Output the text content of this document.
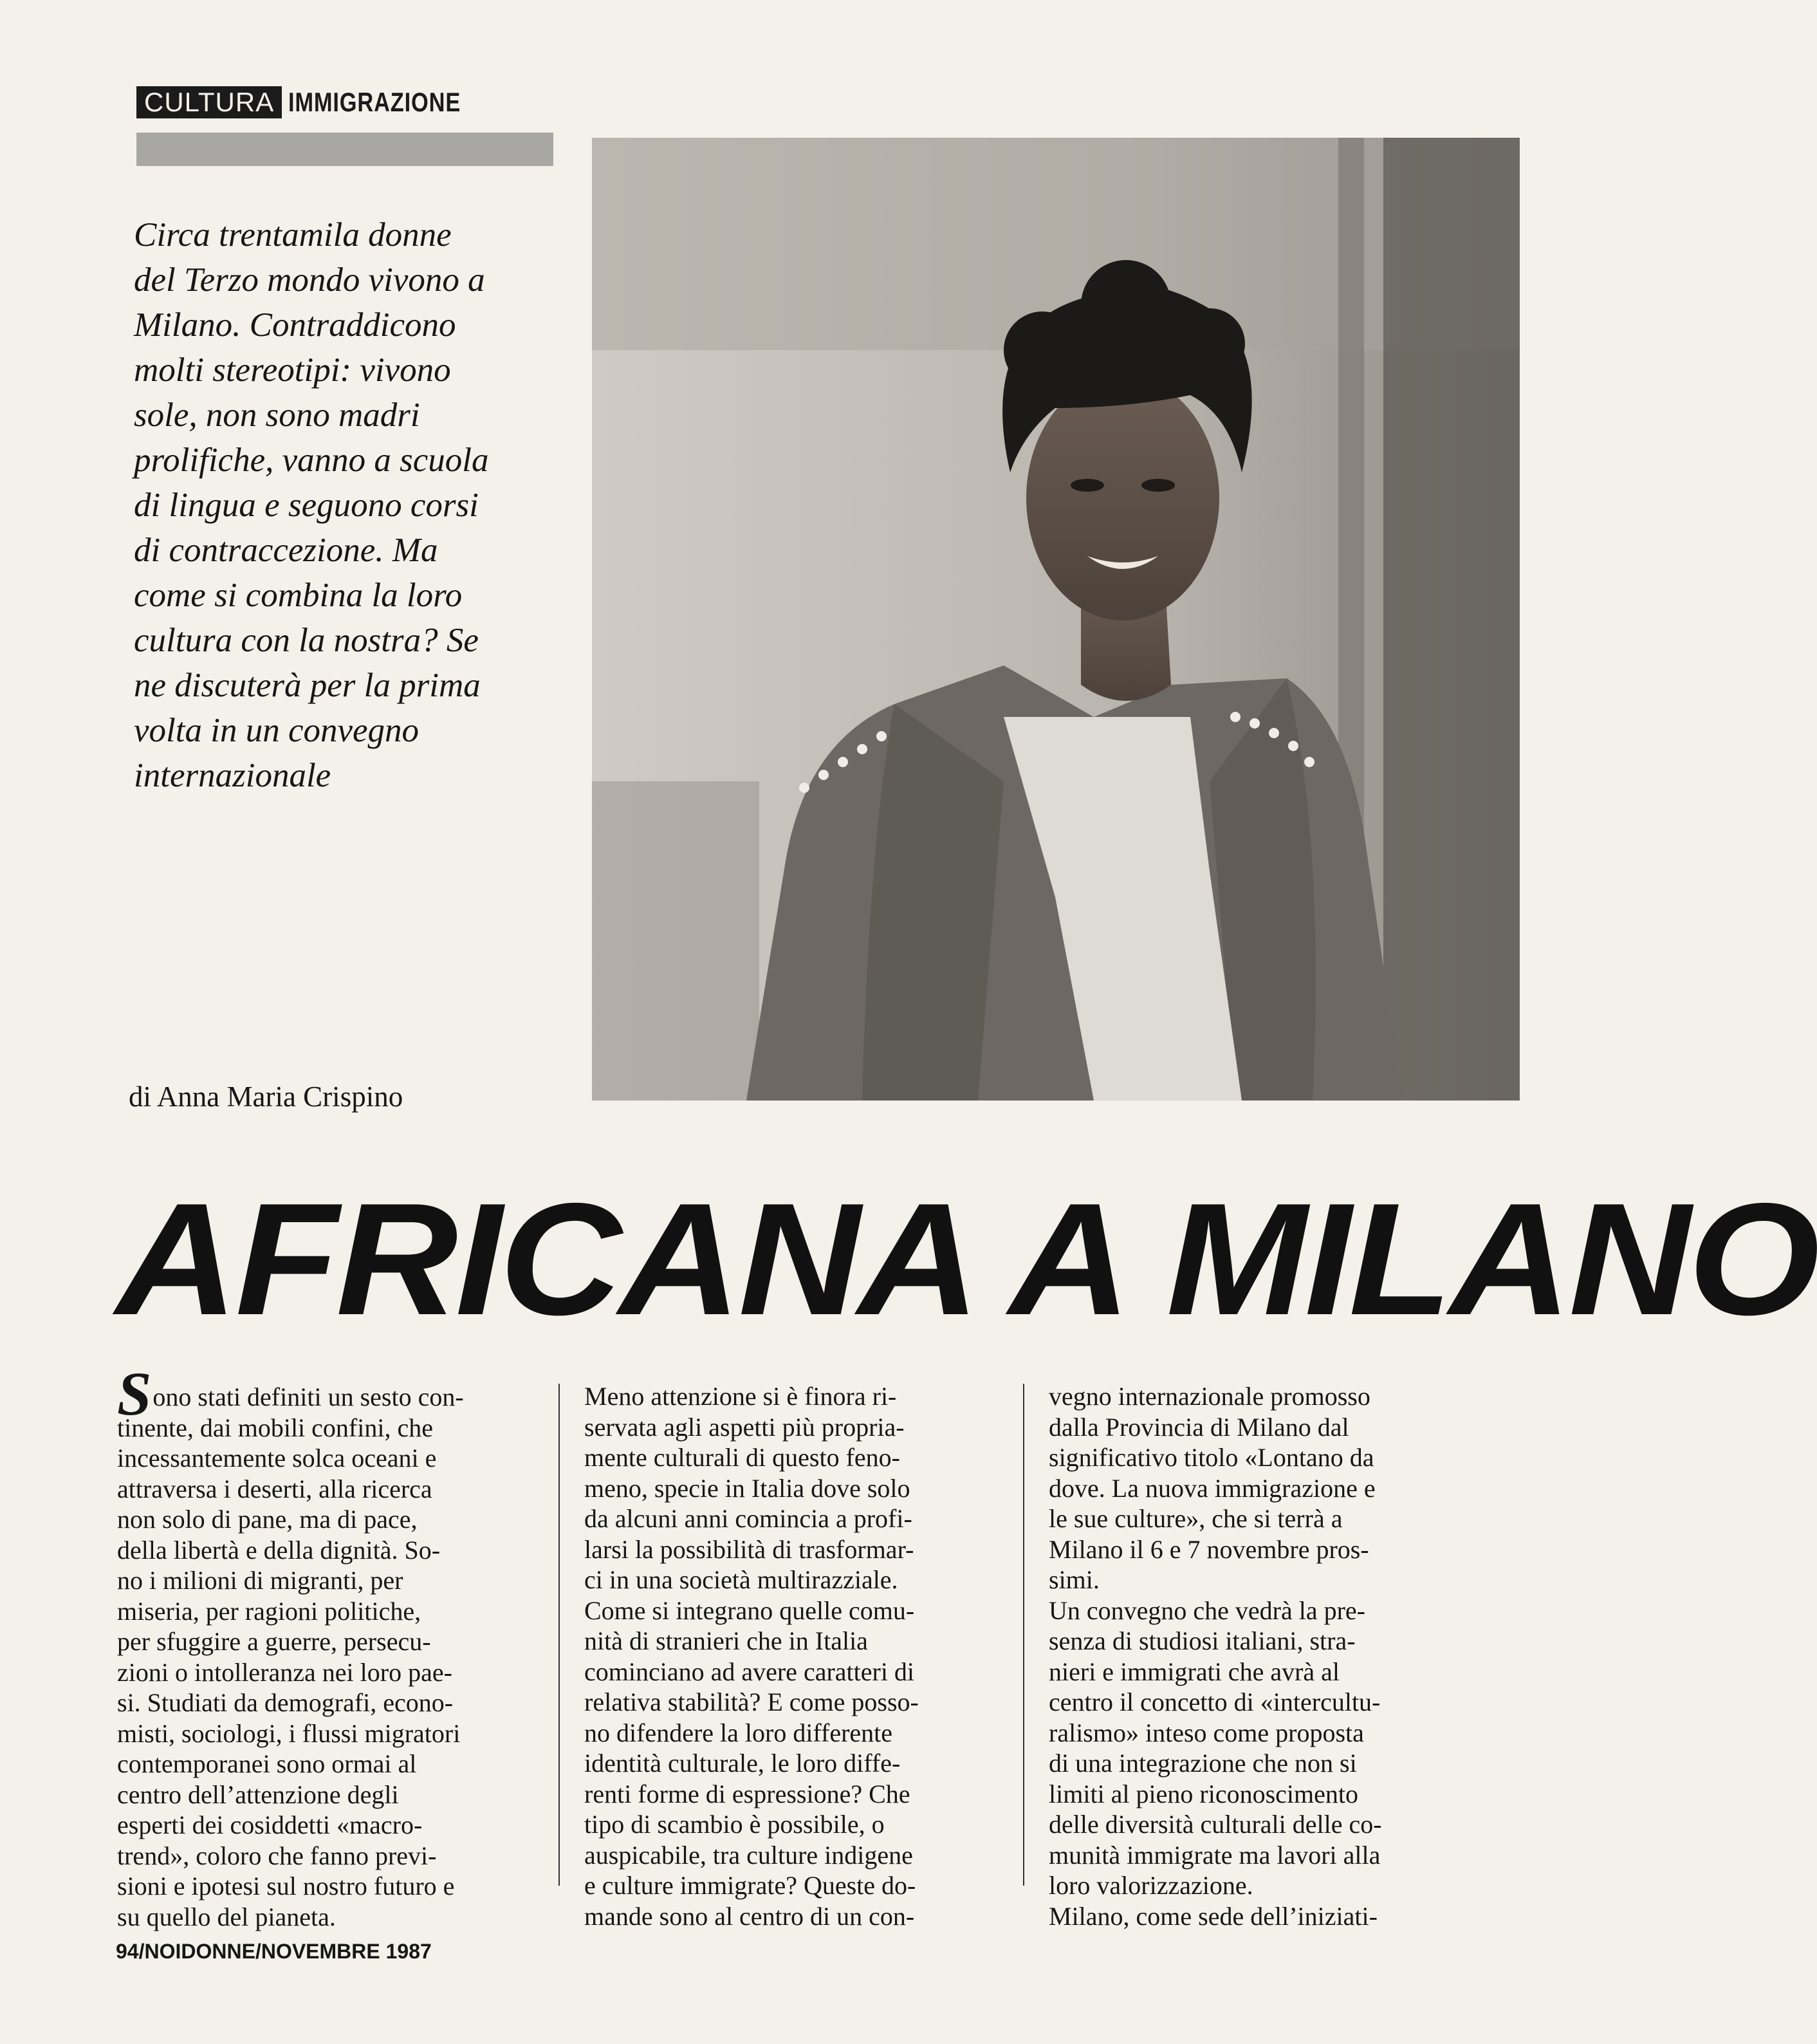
CULTURA IMMIGRAZIONE

Circa trentamila donne
del Terzo mondo vivono a
Milano. Contraddicono
molti stereotipi: vivono
sole, non sono madri
prolifiche, vanno a scuola
di lingua e seguono corsi
di contraccezione. Ma
come si combina la loro
cultura con la nostra? Se
ne discuterà per la prima
volta in un convegno
internazionale

di Anna Maria Crispino

AFRICANA A MILANO
Sono stati definiti un sesto con-
tinente, dai mobili confini, che
incessantemente solca oceani e
attraversa i deserti, alla ricerca
non solo di pane, ma di pace,
della libertà e della dignità. So-
no i milioni di migranti, per
miseria, per ragioni politiche,
per sfuggire a guerre, persecu-
zioni o intolleranza nei loro pae-
si. Studiati da demografi, econo-
misti, sociologi, i flussi migratori
contemporanei sono ormai al
centro dell’attenzione degli
esperti dei cosiddetti «macro-
trend», coloro che fanno previ-
sioni e ipotesi sul nostro futuro e
su quello del pianeta.
Meno attenzione si è finora ri-
servata agli aspetti più propria-
mente culturali di questo feno-
meno, specie in Italia dove solo
da alcuni anni comincia a profi-
larsi la possibilità di trasformar-
ci in una società multirazziale.
Come si integrano quelle comu-
nità di stranieri che in Italia
cominciano ad avere caratteri di
relativa stabilità? E come posso-
no difendere la loro differente
identità culturale, le loro diffe-
renti forme di espressione? Che
tipo di scambio è possibile, o
auspicabile, tra culture indigene
e culture immigrate? Queste do-
mande sono al centro di un con-
vegno internazionale promosso
dalla Provincia di Milano dal
significativo titolo «Lontano da
dove. La nuova immigrazione e
le sue culture», che si terrà a
Milano il 6 e 7 novembre pros-
simi.
Un convegno che vedrà la pre-
senza di studiosi italiani, stra-
nieri e immigrati che avrà al
centro il concetto di «intercultu-
ralismo» inteso come proposta
di una integrazione che non si
limiti al pieno riconoscimento
delle diversità culturali delle co-
munità immigrate ma lavori alla
loro valorizzazione.
Milano, come sede dell’iniziati-

94/NOIDONNE/NOVEMBRE 1987
